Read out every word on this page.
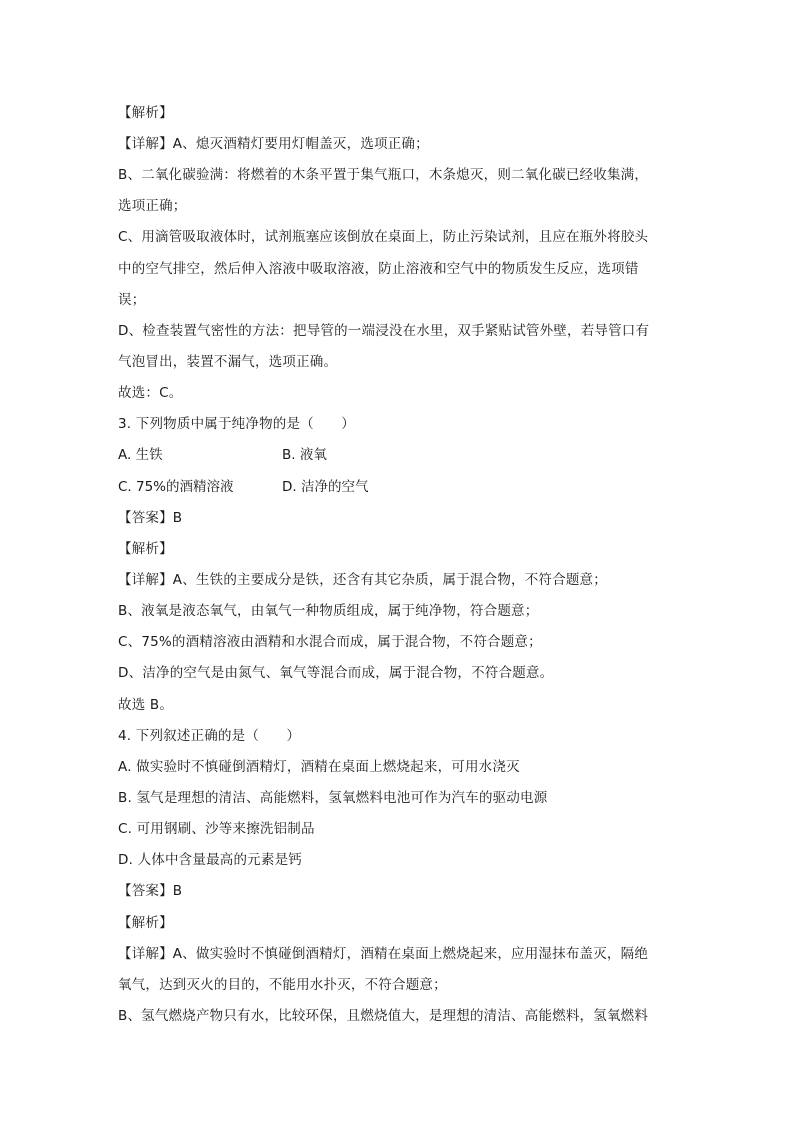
【解析】
【详解】A、熄灭酒精灯要用灯帽盖灭，选项正确；
B、二氧化碳验满：将燃着的木条平置于集气瓶口，木条熄灭，则二氧化碳已经收集满，
选项正确；
C、用滴管吸取液体时，试剂瓶塞应该倒放在桌面上，防止污染试剂，且应在瓶外将胶头
中的空气排空，然后伸入溶液中吸取溶液，防止溶液和空气中的物质发生反应，选项错
误；
D、检查装置气密性的方法：把导管的一端浸没在水里，双手紧贴试管外壁，若导管口有
气泡冒出，装置不漏气，选项正确。
故选：C。
3. 下列物质中属于纯净物的是（　　）
A. 生铁	B. 液氧
C. 75%的酒精溶液	D. 洁净的空气
【答案】B
【解析】
【详解】A、生铁的主要成分是铁，还含有其它杂质，属于混合物，不符合题意；
B、液氧是液态氧气，由氧气一种物质组成，属于纯净物，符合题意；
C、75%的酒精溶液由酒精和水混合而成，属于混合物，不符合题意；
D、洁净的空气是由氮气、氧气等混合而成，属于混合物，不符合题意。
故选 B。
4. 下列叙述正确的是（　　）
A. 做实验时不慎碰倒酒精灯，酒精在桌面上燃烧起来，可用水浇灭
B. 氢气是理想的清洁、高能燃料，氢氧燃料电池可作为汽车的驱动电源
C. 可用钢刷、沙等来擦洗铝制品
D. 人体中含量最高的元素是钙
【答案】B
【解析】
【详解】A、做实验时不慎碰倒酒精灯，酒精在桌面上燃烧起来，应用湿抹布盖灭，隔绝
氧气，达到灭火的目的，不能用水扑灭，不符合题意；
B、氢气燃烧产物只有水，比较环保，且燃烧值大，是理想的清洁、高能燃料，氢氧燃料
